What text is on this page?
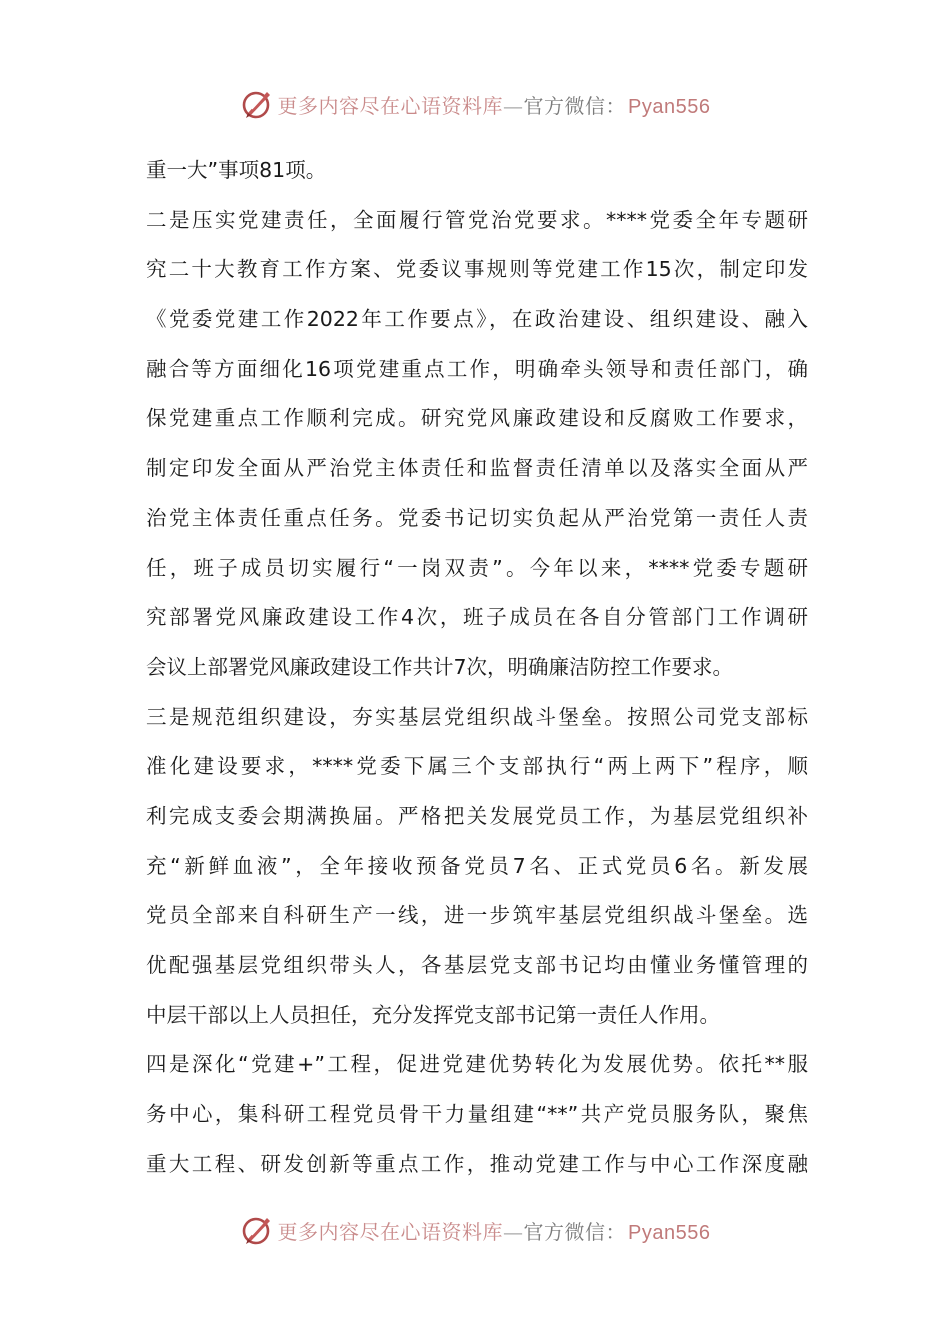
更多内容尽在心语资料库—官方微信： Pyan556
重一大”事项81项。
二是压实党建责任，全面履行管党治党要求。****党委全年专题研
究二十大教育工作方案、党委议事规则等党建工作15次，制定印发
《党委党建工作2022年工作要点》，在政治建设、组织建设、融入
融合等方面细化16项党建重点工作，明确牵头领导和责任部门，确
保党建重点工作顺利完成。研究党风廉政建设和反腐败工作要求，
制定印发全面从严治党主体责任和监督责任清单以及落实全面从严
治党主体责任重点任务。党委书记切实负起从严治党第一责任人责
任，班子成员切实履行“一岗双责”。今年以来，****党委专题研
究部署党风廉政建设工作4次，班子成员在各自分管部门工作调研
会议上部署党风廉政建设工作共计7次，明确廉洁防控工作要求。
三是规范组织建设，夯实基层党组织战斗堡垒。按照公司党支部标
准化建设要求，****党委下属三个支部执行“两上两下”程序，顺
利完成支委会期满换届。严格把关发展党员工作，为基层党组织补
充“新鲜血液”，全年接收预备党员7名、正式党员6名。新发展
党员全部来自科研生产一线，进一步筑牢基层党组织战斗堡垒。选
优配强基层党组织带头人，各基层党支部书记均由懂业务懂管理的
中层干部以上人员担任，充分发挥党支部书记第一责任人作用。
四是深化“党建+”工程，促进党建优势转化为发展优势。依托**服
务中心，集科研工程党员骨干力量组建“**”共产党员服务队，聚焦
重大工程、研发创新等重点工作，推动党建工作与中心工作深度融
更多内容尽在心语资料库—官方微信： Pyan556
